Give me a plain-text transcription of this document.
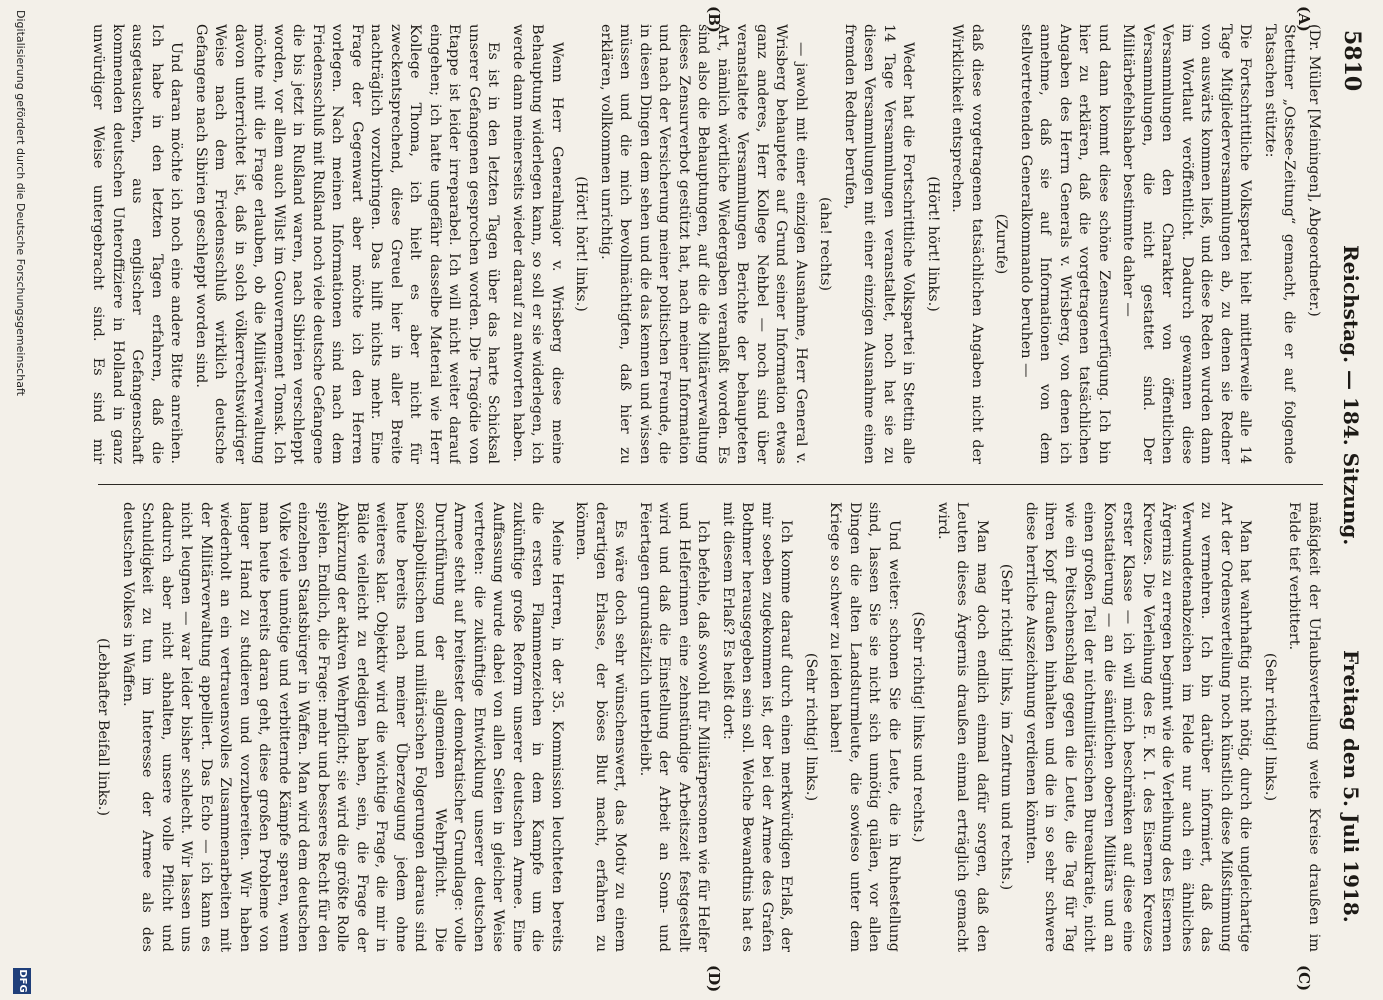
5810
Reichstag. — 184. Sitzung.
Freitag den 5. Juli 1918.

(Dr. Müller [Meiningen], Abgeordneter.)

Stettiner „Ostsee-Zeitung“ gemacht, die er auf folgende Tatsachen stützte:

Die Fortschrittliche Volkspartei hielt mittlerweile alle 14 Tage Mitgliederversammlungen ab, zu denen sie Redner von auswärts kommen ließ, und diese Reden wurden dann im Wortlaut veröffentlicht. Dadurch gewannen diese Versammlungen den Charakter von öffentlichen Versammlungen, die nicht gestattet sind. Der Militärbefehlshaber bestimmte daher —

und dann kommt diese schöne Zensurverfügung. Ich bin hier zu erklären, daß die vorgetragenen tatsächlichen Angaben des Herrn Generals v. Wrisberg, von denen ich annehme, daß sie auf Informationen von dem stellvertretenden Generalkommando beruhen —

(Zurufe)

daß diese vorgetragenen tatsächlichen Angaben nicht der Wirklichkeit entsprechen.

(Hört! hört! links.)

Weder hat die Fortschrittliche Volkspartei in Stettin alle 14 Tage Versammlungen veranstaltet, noch hat sie zu diesen Versammlungen mit einer einzigen Ausnahme einen fremden Redner berufen,

(aha! rechts)

— jawohl mit einer einzigen Ausnahme, Herr General v. Wrisberg behauptete auf Grund seiner Information etwas ganz anderes, Herr Kollege Nehbel — noch sind über veranstaltete Versammlungen Berichte der behaupteten Art, nämlich wörtliche Wiedergaben veranlaßt worden. Es sind also die Behauptungen, auf die die Militärverwaltung dieses Zensurverbot gestützt hat, nach meiner Information und nach der Versicherung meiner politischen Freunde, die in diesen Dingen dem sehen und die das kennen und wissen müssen und die mich bevollmächtigten, daß hier zu erklären, vollkommen unrichtig.

(Hört! hört! links.)

Wenn Herr Generalmajor v. Wrisberg diese meine Behauptung widerlegen kann, so soll er sie widerlegen, ich werde dann meinerseits wieder darauf zu antworten haben.

Es ist in den letzten Tagen über das harte Schicksal unserer Gefangenen gesprochen worden. Die Tragödie von Etappe ist leider irreparabel. Ich will nicht weiter darauf eingehen; ich hatte ungefähr dasselbe Material wie Herr Kollege Thoma, ich hielt es aber nicht für zweckentsprechend, diese Greuel hier in aller Breite nachträglich vorzubringen. Das hilft nichts mehr. Eine Frage der Gegenwart aber möchte ich den Herren vorlegen. Nach meinen Informationen sind nach dem Friedensschluß mit Rußland noch viele deutsche Gefangene die bis jetzt in Rußland waren, nach Sibirien verschleppt worden, vor allem auch Wilst im Gouvernement Tomsk. Ich möchte mit die Frage erlauben, ob die Militärverwaltung davon unterrichtet ist, daß in solch völkerrechtswidriger Weise nach dem Friedensschluß wirklich deutsche Gefangene nach Sibirien geschleppt worden sind.

Und daran möchte ich noch eine andere Bitte anreihen. Ich habe in den letzten Tagen erfahren, daß die ausgetauschten, aus englischer Gefangenschaft kommenden deutschen Unteroffiziere in Holland in ganz unwürdiger Weise untergebracht sind. Es sind mir

mäßigkeit der Urlaubsverteilung weite Kreise draußen im Felde tief verbittert.

(Sehr richtig! links.)

Man hat wahrhaftig nicht nötig, durch die ungleichartige Art der Ordensverteilung noch künstlich diese Mißstimmung zu vermehren. Ich bin darüber informiert, daß das Verwundetenabzeichen im Felde nur auch ein ähnliches Ärgernis zu erregen beginnt wie die Verleihung des Eisernen Kreuzes. Die Verleihung des E. K. I. des Eisernen Kreuzes erster Klasse — ich will mich beschränken auf diese eine Konstatierung — an die sämtlichen oberen Militärs und an einen großen Teil der nichtmilitärischen Bureaukratie, nicht wie ein Peitschenschlag gegen die Leute, die Tag für Tag ihren Kopf draußen hinhalten und die in so sehr schwere diese herrliche Auszeichnung verdienen könnten.

(Sehr richtig! links, im Zentrum und rechts.)

Man mag doch endlich einmal dafür sorgen, daß den Leuten dieses Ärgernis draußen einmal erträglich gemacht wird.

(Sehr richtig! links und rechts.)

Und weiter: schonen Sie die Leute, die in Ruhestellung sind, lassen Sie sie nicht sich unnötig quälen, vor allen Dingen die alten Landsturmleute, die sowieso unter dem Kriege so schwer zu leiden haben!

(Sehr richtig! links.)

Ich komme darauf durch einen merkwürdigen Erlaß, der mir soeben zugekommen ist, der bei der Armee des Grafen Bothmer herausgegeben sein soll. Welche Bewandtnis hat es mit diesem Erlaß? Es heißt dort:

Ich befehle, daß sowohl für Militärpersonen wie für Helfer und Helferinnen eine zehnstündige Arbeitszeit festgestellt wird und daß die Einstellung der Arbeit an Sonn- und Feiertagen grundsätzlich unterbleibt.

Es wäre doch sehr wünschenswert, das Motiv zu einem derartigen Erlasse, der böses Blut macht, erfahren zu können.

Meine Herren, in der 35. Kommission leuchteten bereits die ersten Flammenzeichen in dem Kampfe um die zukünftige große Reform unserer deutschen Armee. Eine Auffassung wurde dabei von allen Seiten in gleicher Weise vertreten: die zukünftige Entwicklung unserer deutschen Armee steht auf breitester demokratischer Grundlage: volle Durchführung der allgemeinen Wehrpflicht. Die sozialpolitischen und militärischen Folgerungen daraus sind heute bereits nach meiner Überzeugung jedem ohne weiteres klar. Objektiv wird die wichtige Frage, die mir in Bälde vielleicht zu erledigen haben, sein, die Frage der Abkürzung der aktiven Wehrpflicht; sie wird die größte Rolle spielen. Endlich, die Frage: mehr und besseres Recht für den einzelnen Staatsbürger in Waffen. Man wird dem deutschen Volke viele unnötige und verbitternde Kämpfe sparen, wenn man heute bereits daran geht, diese großen Probleme von langer Hand zu studieren und vorzubereiten. Wir haben wiederholt an ein vertrauensvolles Zusammenarbeiten mit der Militärverwaltung appelliert. Das Echo — ich kann es nicht leugnen — war leider bisher schlecht. Wir lassen uns dadurch aber nicht abhalten, unsere volle Pflicht und Schuldigkeit zu tun im Interesse der Armee als des deutschen Volkes in Waffen.

(Lebhafter Beifall links.)

(A)
(B)
(C)
(D)
Digitalisierung gefördert durch die Deutsche Forschungsgemeinschaft
DFG
